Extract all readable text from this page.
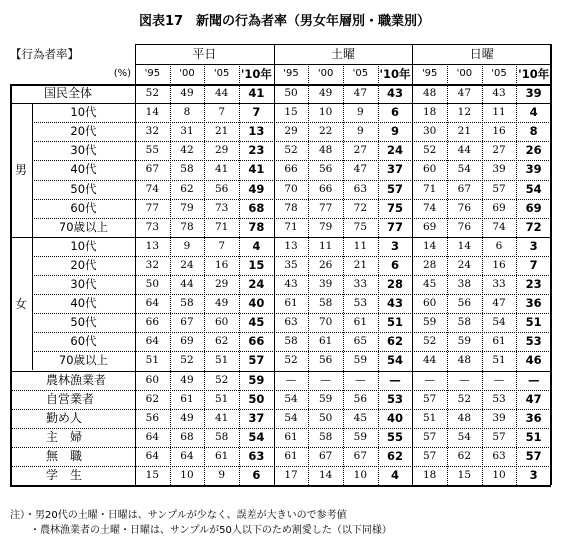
図表17　新聞の行為者率（男女年層別・職業別）
【行為者率】
(%)
平日	土曜	日曜
'95	'00	'05 '10年	'95	'00	'05 '10年	'95	'00	'05 '10年
国民全体	52	49	44	41	50	49	47	43	48	47	43	39
10代	14	8	7	7	15	10	9	6	18	12	11	4
20代	32	31	21	13	29	22	9	9	30	21	16	8
30代	55	42	29	23	52	48	27	24	52	44	27	26
40代	67	58	41	41	66	56	47	37	60	54	39	39
50代	74	62	56	49	70	66	63	57	71	67	57	54
60代	77	79	73	68	78	77	72	75	74	76	69	69
70歳以上	73	78	71	78	71	79	75	77	69	76	74	72
10代	13	9	7	4	13	11	11	3	14	14	6	3
20代	32	24	16	15	35	26	21	6	28	24	16	7
30代	50	44	29	24	43	39	33	28	45	38	33	23
40代	64	58	49	40	61	58	53	43	60	56	47	36
50代	66	67	60	45	63	70	61	51	59	58	54	51
60代	64	69	62	66	58	61	65	62	52	59	61	53
70歳以上	51	52	51	57	52	56	59	54	44	48	51	46
農林漁業者	60	49	52	59	—	—	—	—	—	—	—	—
自営業者	62	61	51	50	54	59	56	53	57	52	53	47
勤め人	56	49	41	37	54	50	45	40	51	48	39	36
主　婦	64	68	58	54	61	58	59	55	57	54	57	51
無　職	64	64	61	63	61	67	67	62	57	62	63	57
学　生	15	10	9	6	17	14	10	4	18	15	10	3
男
女
注）・男20代の土曜・日曜は、サンプルが少なく、誤差が大きいので参考値
　　・農林漁業者の土曜・日曜は、サンプルが50人以下のため割愛した（以下同様）
